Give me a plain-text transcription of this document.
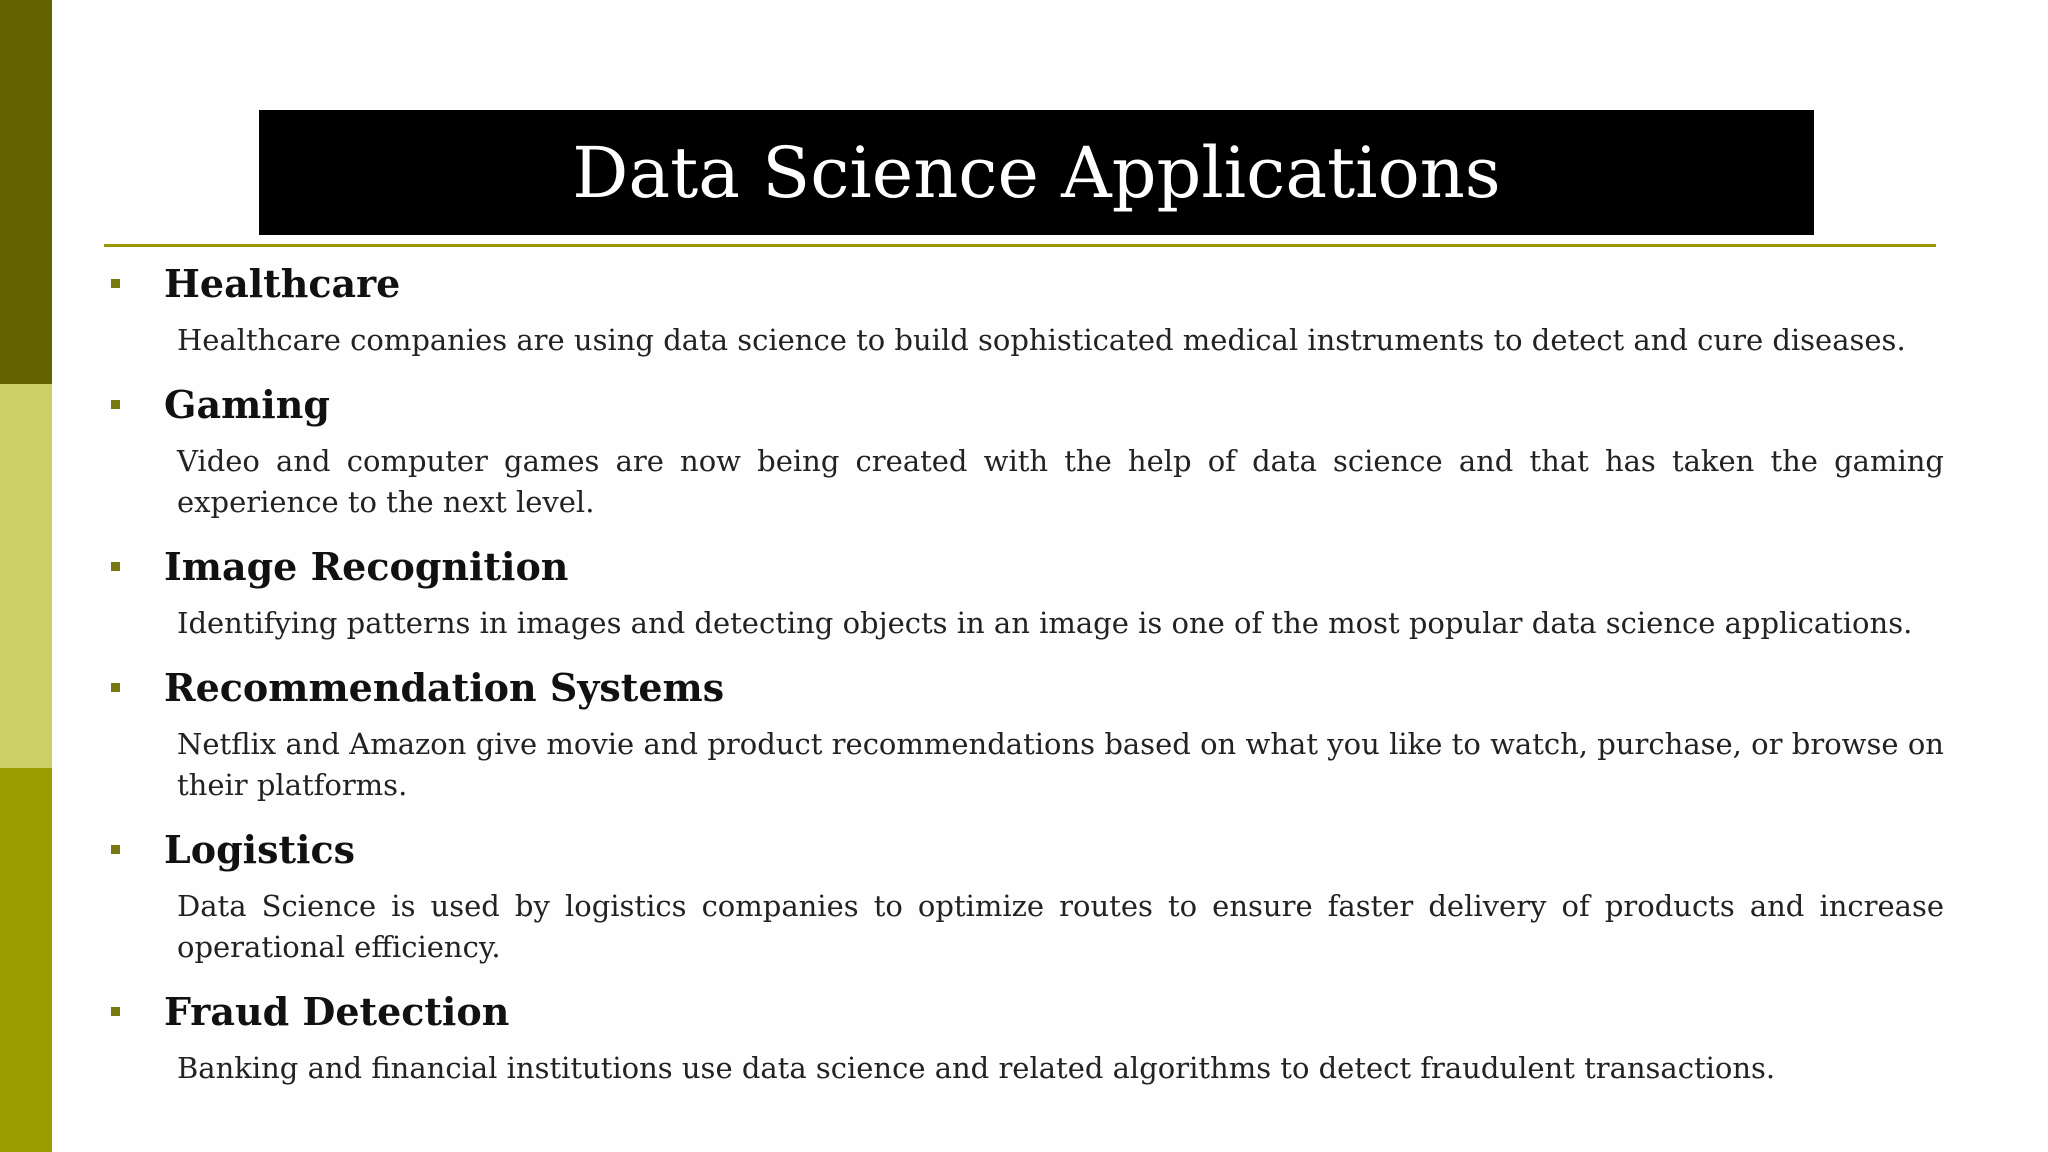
Data Science Applications
Healthcare
Healthcare companies are using data science to build sophisticated medical instruments to detect and cure diseases.
Gaming
Video and computer games are now being created with the help of data science and that has taken the gaming experience to the next level.
Image Recognition
Identifying patterns in images and detecting objects in an image is one of the most popular data science applications.
Recommendation Systems
Netflix and Amazon give movie and product recommendations based on what you like to watch, purchase, or browse on their platforms.
Logistics
Data Science is used by logistics companies to optimize routes to ensure faster delivery of products and increase operational efficiency.
Fraud Detection
Banking and financial institutions use data science and related algorithms to detect fraudulent transactions.
